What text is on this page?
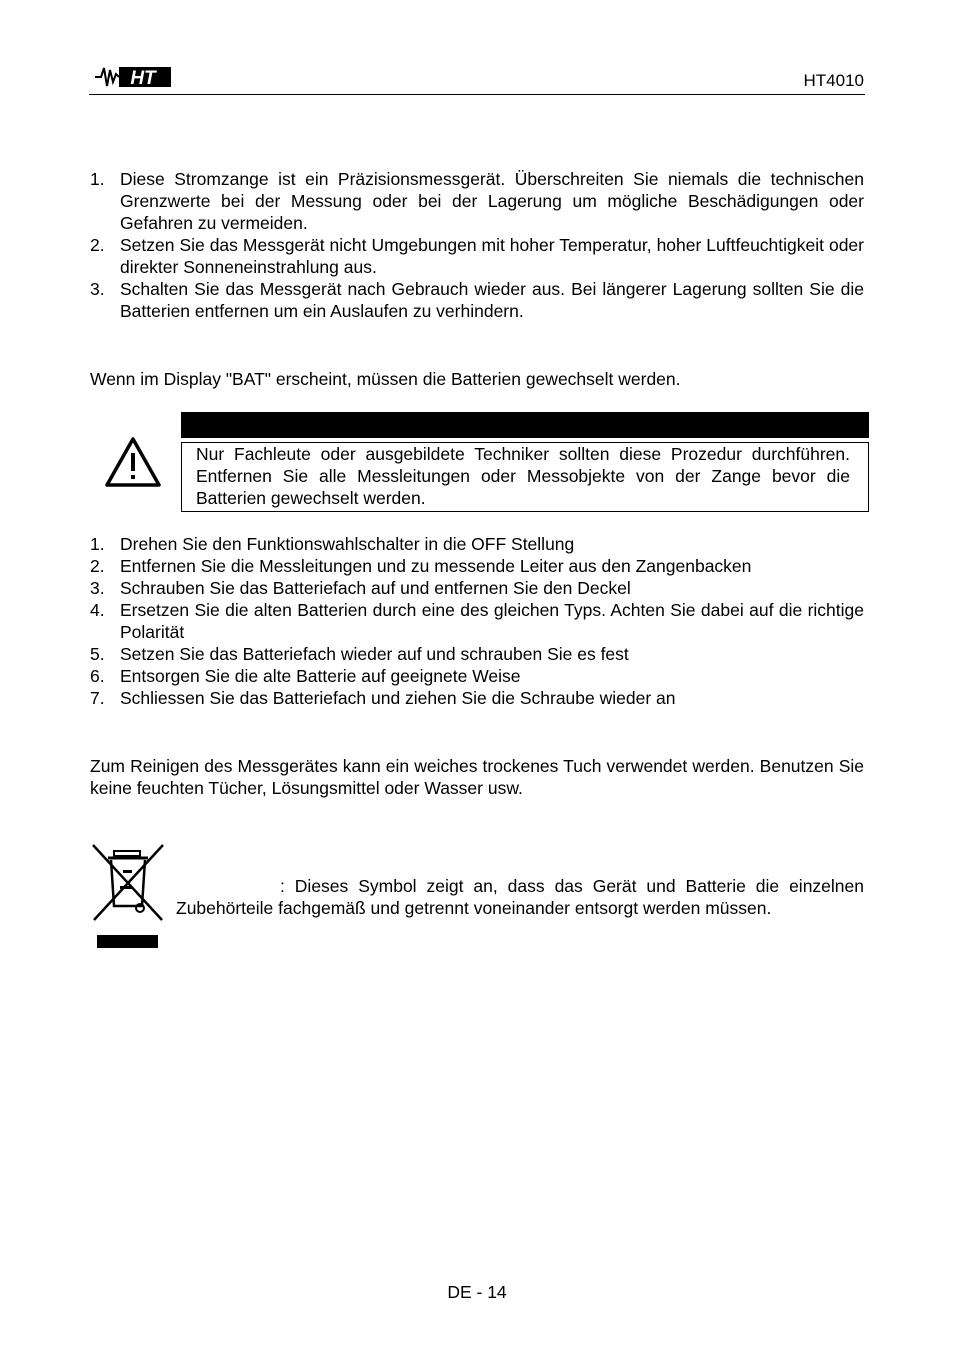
HT	HT4010
1. Diese Stromzange ist ein Präzisionsmessgerät. Überschreiten Sie niemals die technischen Grenzwerte bei der Messung oder bei der Lagerung um mögliche Beschädigungen oder Gefahren zu vermeiden.
2. Setzen Sie das Messgerät nicht Umgebungen mit hoher Temperatur, hoher Luftfeuchtigkeit oder direkter Sonneneinstrahlung aus.
3. Schalten Sie das Messgerät nach Gebrauch wieder aus. Bei längerer Lagerung sollten Sie die Batterien entfernen um ein Auslaufen zu verhindern.
Wenn im Display "BAT" erscheint, müssen die Batterien gewechselt werden.
Nur Fachleute oder ausgebildete Techniker sollten diese Prozedur durchführen. Entfernen Sie alle Messleitungen oder Messobjekte von der Zange bevor die Batterien gewechselt werden.
1. Drehen Sie den Funktionswahlschalter in die OFF Stellung
2. Entfernen Sie die Messleitungen und zu messende Leiter aus den Zangenbacken
3. Schrauben Sie das Batteriefach auf und entfernen Sie den Deckel
4. Ersetzen Sie die alten Batterien durch eine des gleichen Typs. Achten Sie dabei auf die richtige Polarität
5. Setzen Sie das Batteriefach wieder auf und schrauben Sie es fest
6. Entsorgen Sie die alte Batterie auf geeignete Weise
7. Schliessen Sie das Batteriefach und ziehen Sie die Schraube wieder an
Zum Reinigen des Messgerätes kann ein weiches trockenes Tuch verwendet werden. Benutzen Sie keine feuchten Tücher, Lösungsmittel oder Wasser usw.
: Dieses Symbol zeigt an, dass das Gerät und Batterie die einzelnen Zubehörteile fachgemäß und getrennt voneinander entsorgt werden müssen.
DE - 14
